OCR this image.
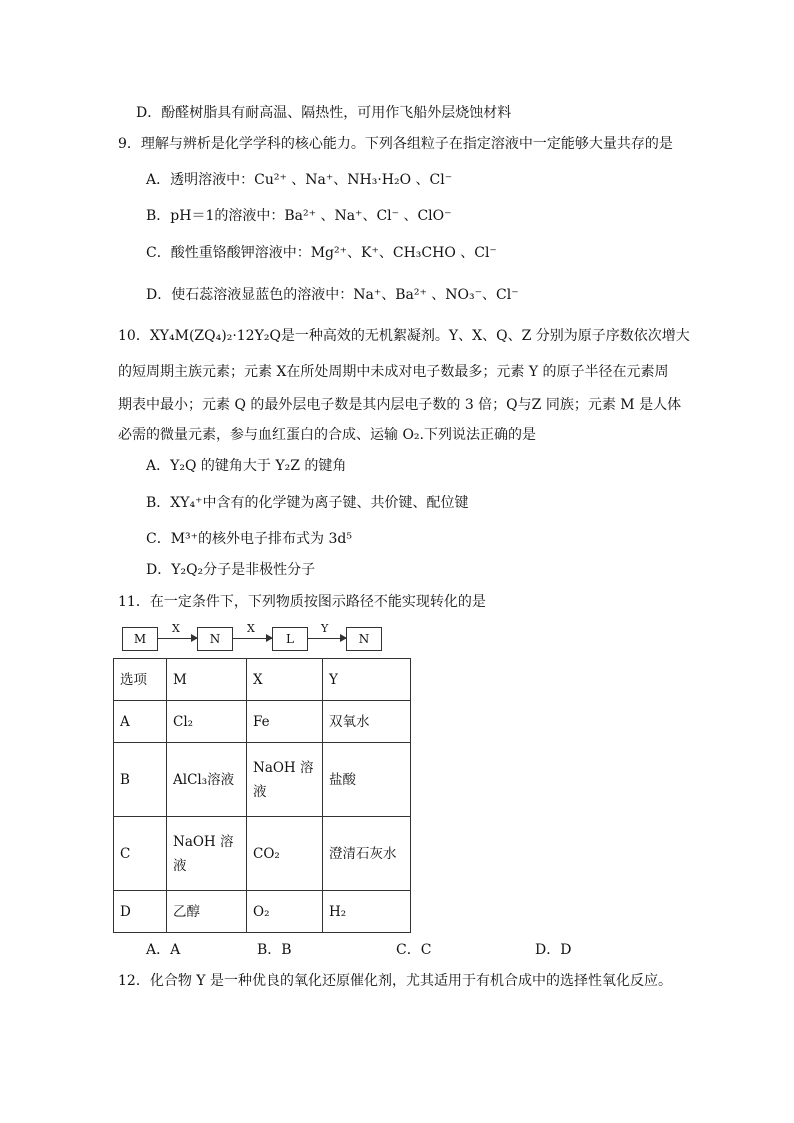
D．酚醛树脂具有耐高温、隔热性，可用作飞船外层烧蚀材料
9．理解与辨析是化学学科的核心能力。下列各组粒子在指定溶液中一定能够大量共存的是
A．透明溶液中：Cu²⁺ 、Na⁺、NH₃·H₂O 、Cl⁻
B．pH＝1的溶液中：Ba²⁺ 、Na⁺、Cl⁻ 、ClO⁻
C．酸性重铬酸钾溶液中：Mg²⁺、K⁺、CH₃CHO 、Cl⁻
D．使石蕊溶液显蓝色的溶液中：Na⁺、Ba²⁺ 、NO₃⁻、Cl⁻
10．XY₄M(ZQ₄)₂·12Y₂Q是一种高效的无机絮凝剂。Y、X、Q、Z 分别为原子序数依次增大
的短周期主族元素；元素 X在所处周期中未成对电子数最多；元素 Y 的原子半径在元素周
期表中最小；元素 Q 的最外层电子数是其内层电子数的 3 倍；Q与Z 同族；元素 M 是人体
必需的微量元素，参与血红蛋白的合成、运输 O₂.下列说法正确的是
A．Y₂Q 的键角大于 Y₂Z 的键角
B．XY₄⁺中含有的化学键为离子键、共价键、配位键
C．M³⁺的核外电子排布式为 3d⁵
D．Y₂Q₂分子是非极性分子
11．在一定条件下，下列物质按图示路径不能实现转化的是
M
X
N
X
L
Y
N
选项	M	X	Y
A	Cl₂	Fe	双氧水
B	AlCl₃溶液	NaOH 溶液	盐酸
C	NaOH 溶液	CO₂	澄清石灰水
D	乙醇	O₂	H₂
A．A	B．B	C．C	D．D
12．化合物 Y 是一种优良的氧化还原催化剂，尤其适用于有机合成中的选择性氧化反应。
